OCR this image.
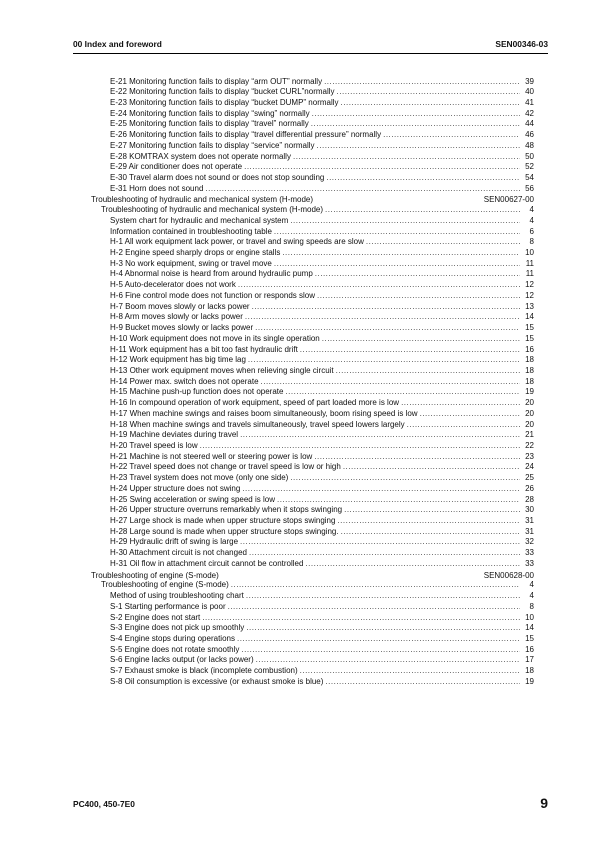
00 Index and foreword	SEN00346-03
E-21 Monitoring function fails to display “arm OUT” normally .....	39
E-22 Monitoring function fails to display “bucket CURL”normally .....	40
E-23 Monitoring function fails to display “bucket DUMP” normally .....	41
E-24 Monitoring function fails to display “swing” normally .....	42
E-25 Monitoring function fails to display “travel” normally .....	44
E-26 Monitoring function fails to display “travel differential pressure” normally .....	46
E-27 Monitoring function fails to display “service” normally .....	48
E-28 KOMTRAX system does not operate normally .....	50
E-29 Air conditioner does not operate .....	52
E-30 Travel alarm does not sound or does not stop sounding .....	54
E-31 Horn does not sound .....	56
Troubleshooting of hydraulic and mechanical system (H-mode)	SEN00627-00
Troubleshooting of hydraulic and mechanical system (H-mode) .....	4
System chart for hydraulic and mechanical system .....	4
Information contained in troubleshooting table .....	6
H-1 All work equipment lack power, or travel and swing speeds are slow .....	8
H-2 Engine speed sharply drops or engine stalls .....	10
H-3 No work equipment, swing or travel move .....	11
H-4 Abnormal noise is heard from around hydraulic pump .....	11
H-5 Auto-decelerator does not work .....	12
H-6 Fine control mode does not function or responds slow .....	12
H-7 Boom moves slowly or lacks power .....	13
H-8 Arm moves slowly or lacks power .....	14
H-9 Bucket moves slowly or lacks power .....	15
H-10 Work equipment does not move in its single operation .....	15
H-11 Work equipment has a bit too fast hydraulic drift .....	16
H-12 Work equipment has big time lag .....	18
H-13 Other work equipment moves when relieving single circuit .....	18
H-14 Power max. switch does not operate .....	18
H-15 Machine push-up function does not operate .....	19
H-16 In compound operation of work equipment, speed of part loaded more is low .....	20
H-17 When machine swings and raises boom simultaneously, boom rising speed is low .....	20
H-18 When machine swings and travels simultaneously, travel speed lowers largely .....	20
H-19 Machine deviates during travel .....	21
H-20 Travel speed is low .....	22
H-21 Machine is not steered well or steering power is low .....	23
H-22 Travel speed does not change or travel speed is low or high .....	24
H-23 Travel system does not move (only one side) .....	25
H-24 Upper structure does not swing .....	26
H-25 Swing acceleration or swing speed is low .....	28
H-26 Upper structure overruns remarkably when it stops swinging .....	30
H-27 Large shock is made when upper structure stops swinging .....	31
H-28 Large sound is made when upper structure stops swinging. .....	31
H-29 Hydraulic drift of swing is large .....	32
H-30 Attachment circuit is not changed .....	33
H-31 Oil flow in attachment circuit cannot be controlled .....	33
Troubleshooting of engine (S-mode)	SEN00628-00
Troubleshooting of engine (S-mode) .....	4
Method of using troubleshooting chart .....	4
S-1 Starting performance is poor .....	8
S-2 Engine does not start .....	10
S-3 Engine does not pick up smoothly .....	14
S-4 Engine stops during operations .....	15
S-5 Engine does not rotate smoothly .....	16
S-6 Engine lacks output (or lacks power) .....	17
S-7 Exhaust smoke is black (incomplete combustion) .....	18
S-8 Oil consumption is excessive (or exhaust smoke is blue) .....	19
PC400, 450-7E0	9
